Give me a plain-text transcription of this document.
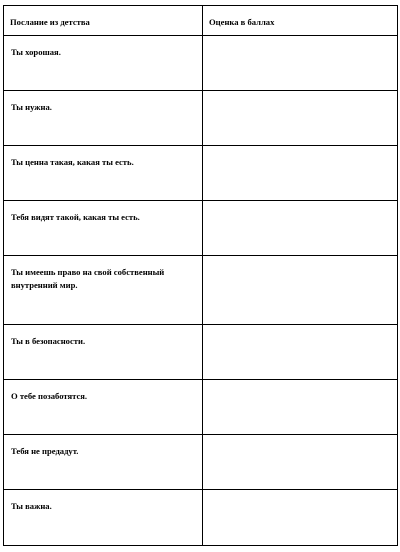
Послание из детства	Оценка в баллах
Ты хорошая.	
Ты нужна.	
Ты ценна такая, какая ты есть.	
Тебя видят такой, какая ты есть.	
Ты имеешь право на свой собственный внутренний мир.	
Ты в безопасности.	
О тебе позаботятся.	
Тебя не предадут.	
Ты важна.	
